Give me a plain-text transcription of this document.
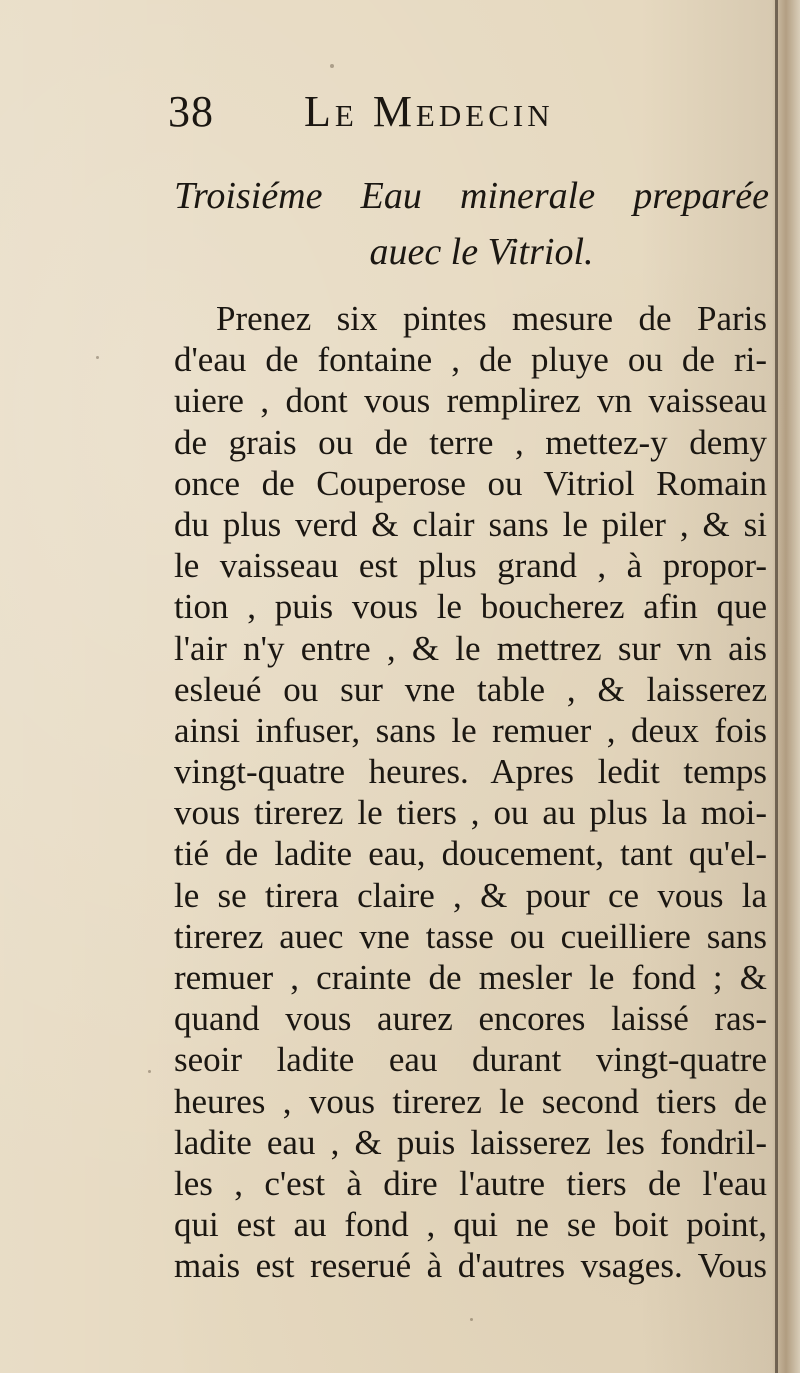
38 Le Medecin
Troisiéme Eau minerale preparée
auec le Vitriol.
Prenez six pintes mesure de Paris
d'eau de fontaine , de pluye ou de ri-
uiere , dont vous remplirez vn vaisseau
de grais ou de terre , mettez-y demy
once de Couperose ou Vitriol Romain
du plus verd & clair sans le piler , & si
le vaisseau est plus grand , à propor-
tion , puis vous le boucherez afin que
l'air n'y entre , & le mettrez sur vn ais
esleué ou sur vne table , & laisserez
ainsi infuser, sans le remuer , deux fois
vingt-quatre heures. Apres ledit temps
vous tirerez le tiers , ou au plus la moi-
tié de ladite eau, doucement, tant qu'el-
le se tirera claire , & pour ce vous la
tirerez auec vne tasse ou cueilliere sans
remuer , crainte de mesler le fond ; &
quand vous aurez encores laissé ras-
seoir ladite eau durant vingt-quatre
heures , vous tirerez le second tiers de
ladite eau , & puis laisserez les fondril-
les , c'est à dire l'autre tiers de l'eau
qui est au fond , qui ne se boit point,
mais est reserué à d'autres vsages. Vous
